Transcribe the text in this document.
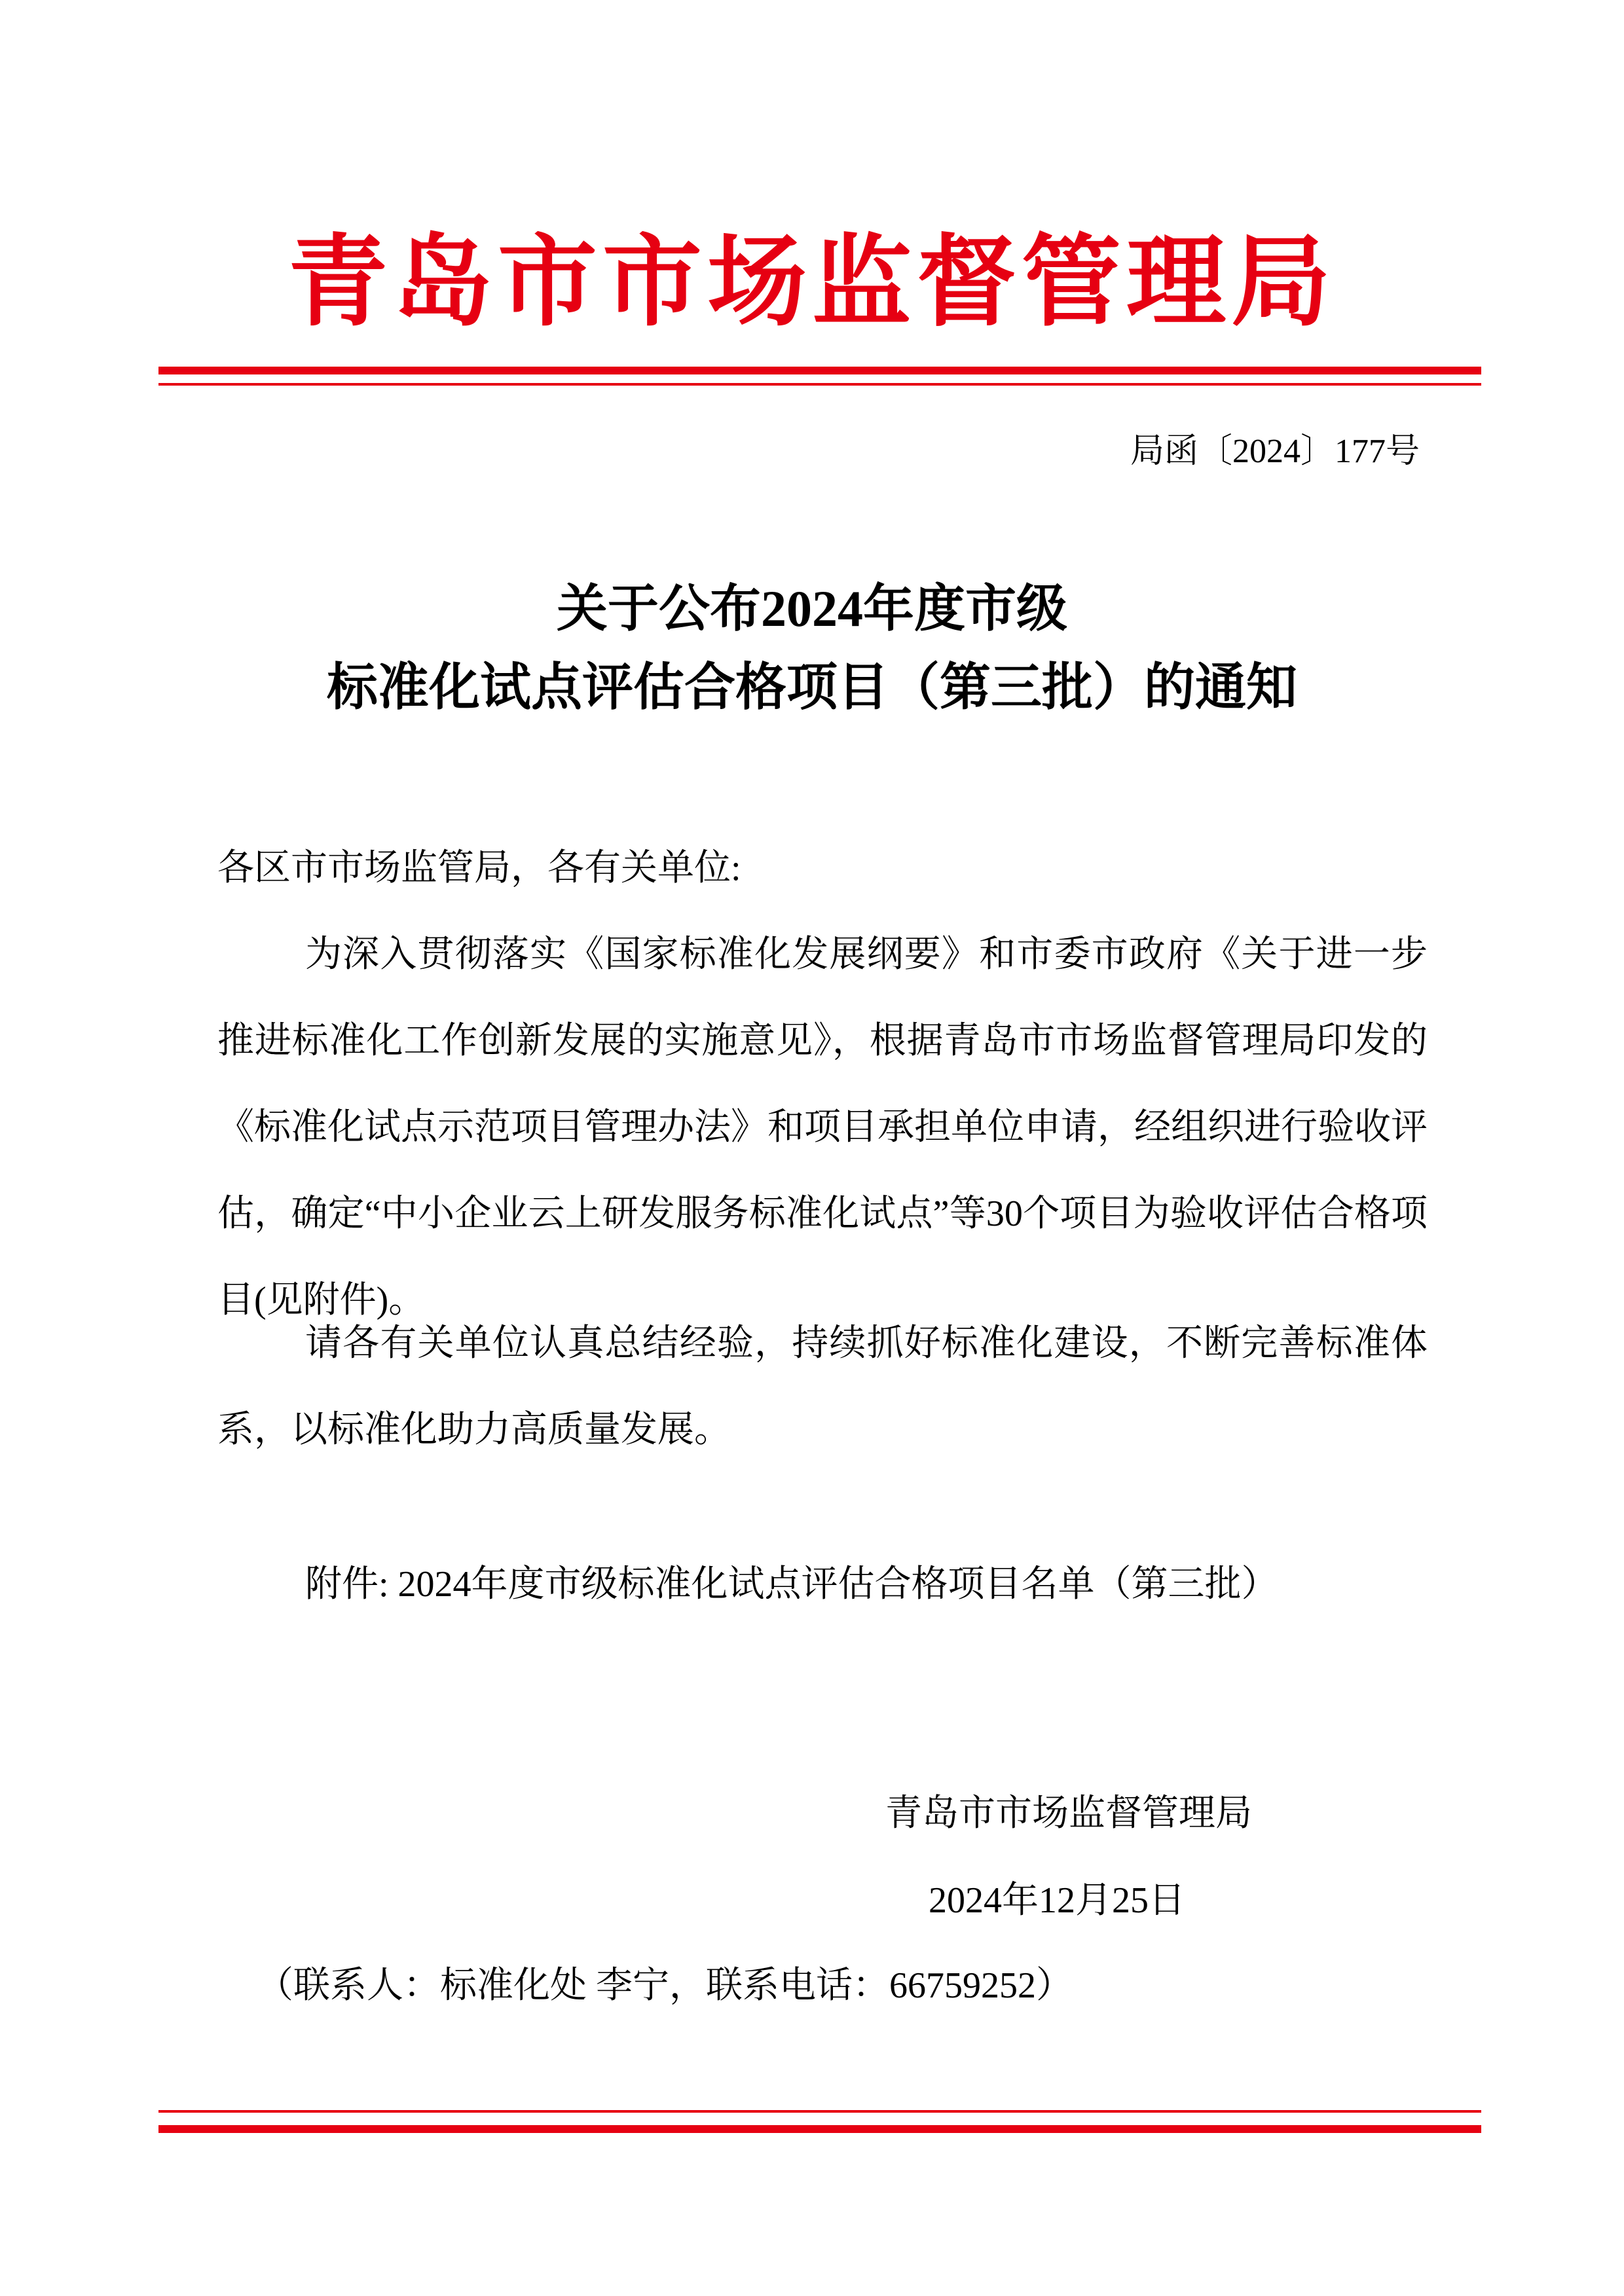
青岛市市场监督管理局
局函〔2024〕177号
关于公布2024年度市级
标准化试点评估合格项目（第三批）的通知
各区市市场监管局，各有关单位:
为深入贯彻落实《国家标准化发展纲要》和市委市政府《关于进一步推进标准化工作创新发展的实施意见》，根据青岛市市场监督管理局印发的《标准化试点示范项目管理办法》和项目承担单位申请，经组织进行验收评估，确定“中小企业云上研发服务标准化试点”等30个项目为验收评估合格项目(见附件)。
请各有关单位认真总结经验，持续抓好标准化建设，不断完善标准体系，以标准化助力高质量发展。
附件: 2024年度市级标准化试点评估合格项目名单（第三批）
青岛市市场监督管理局
2024年12月25日
（联系人：标准化处 李宁，联系电话：66759252）
